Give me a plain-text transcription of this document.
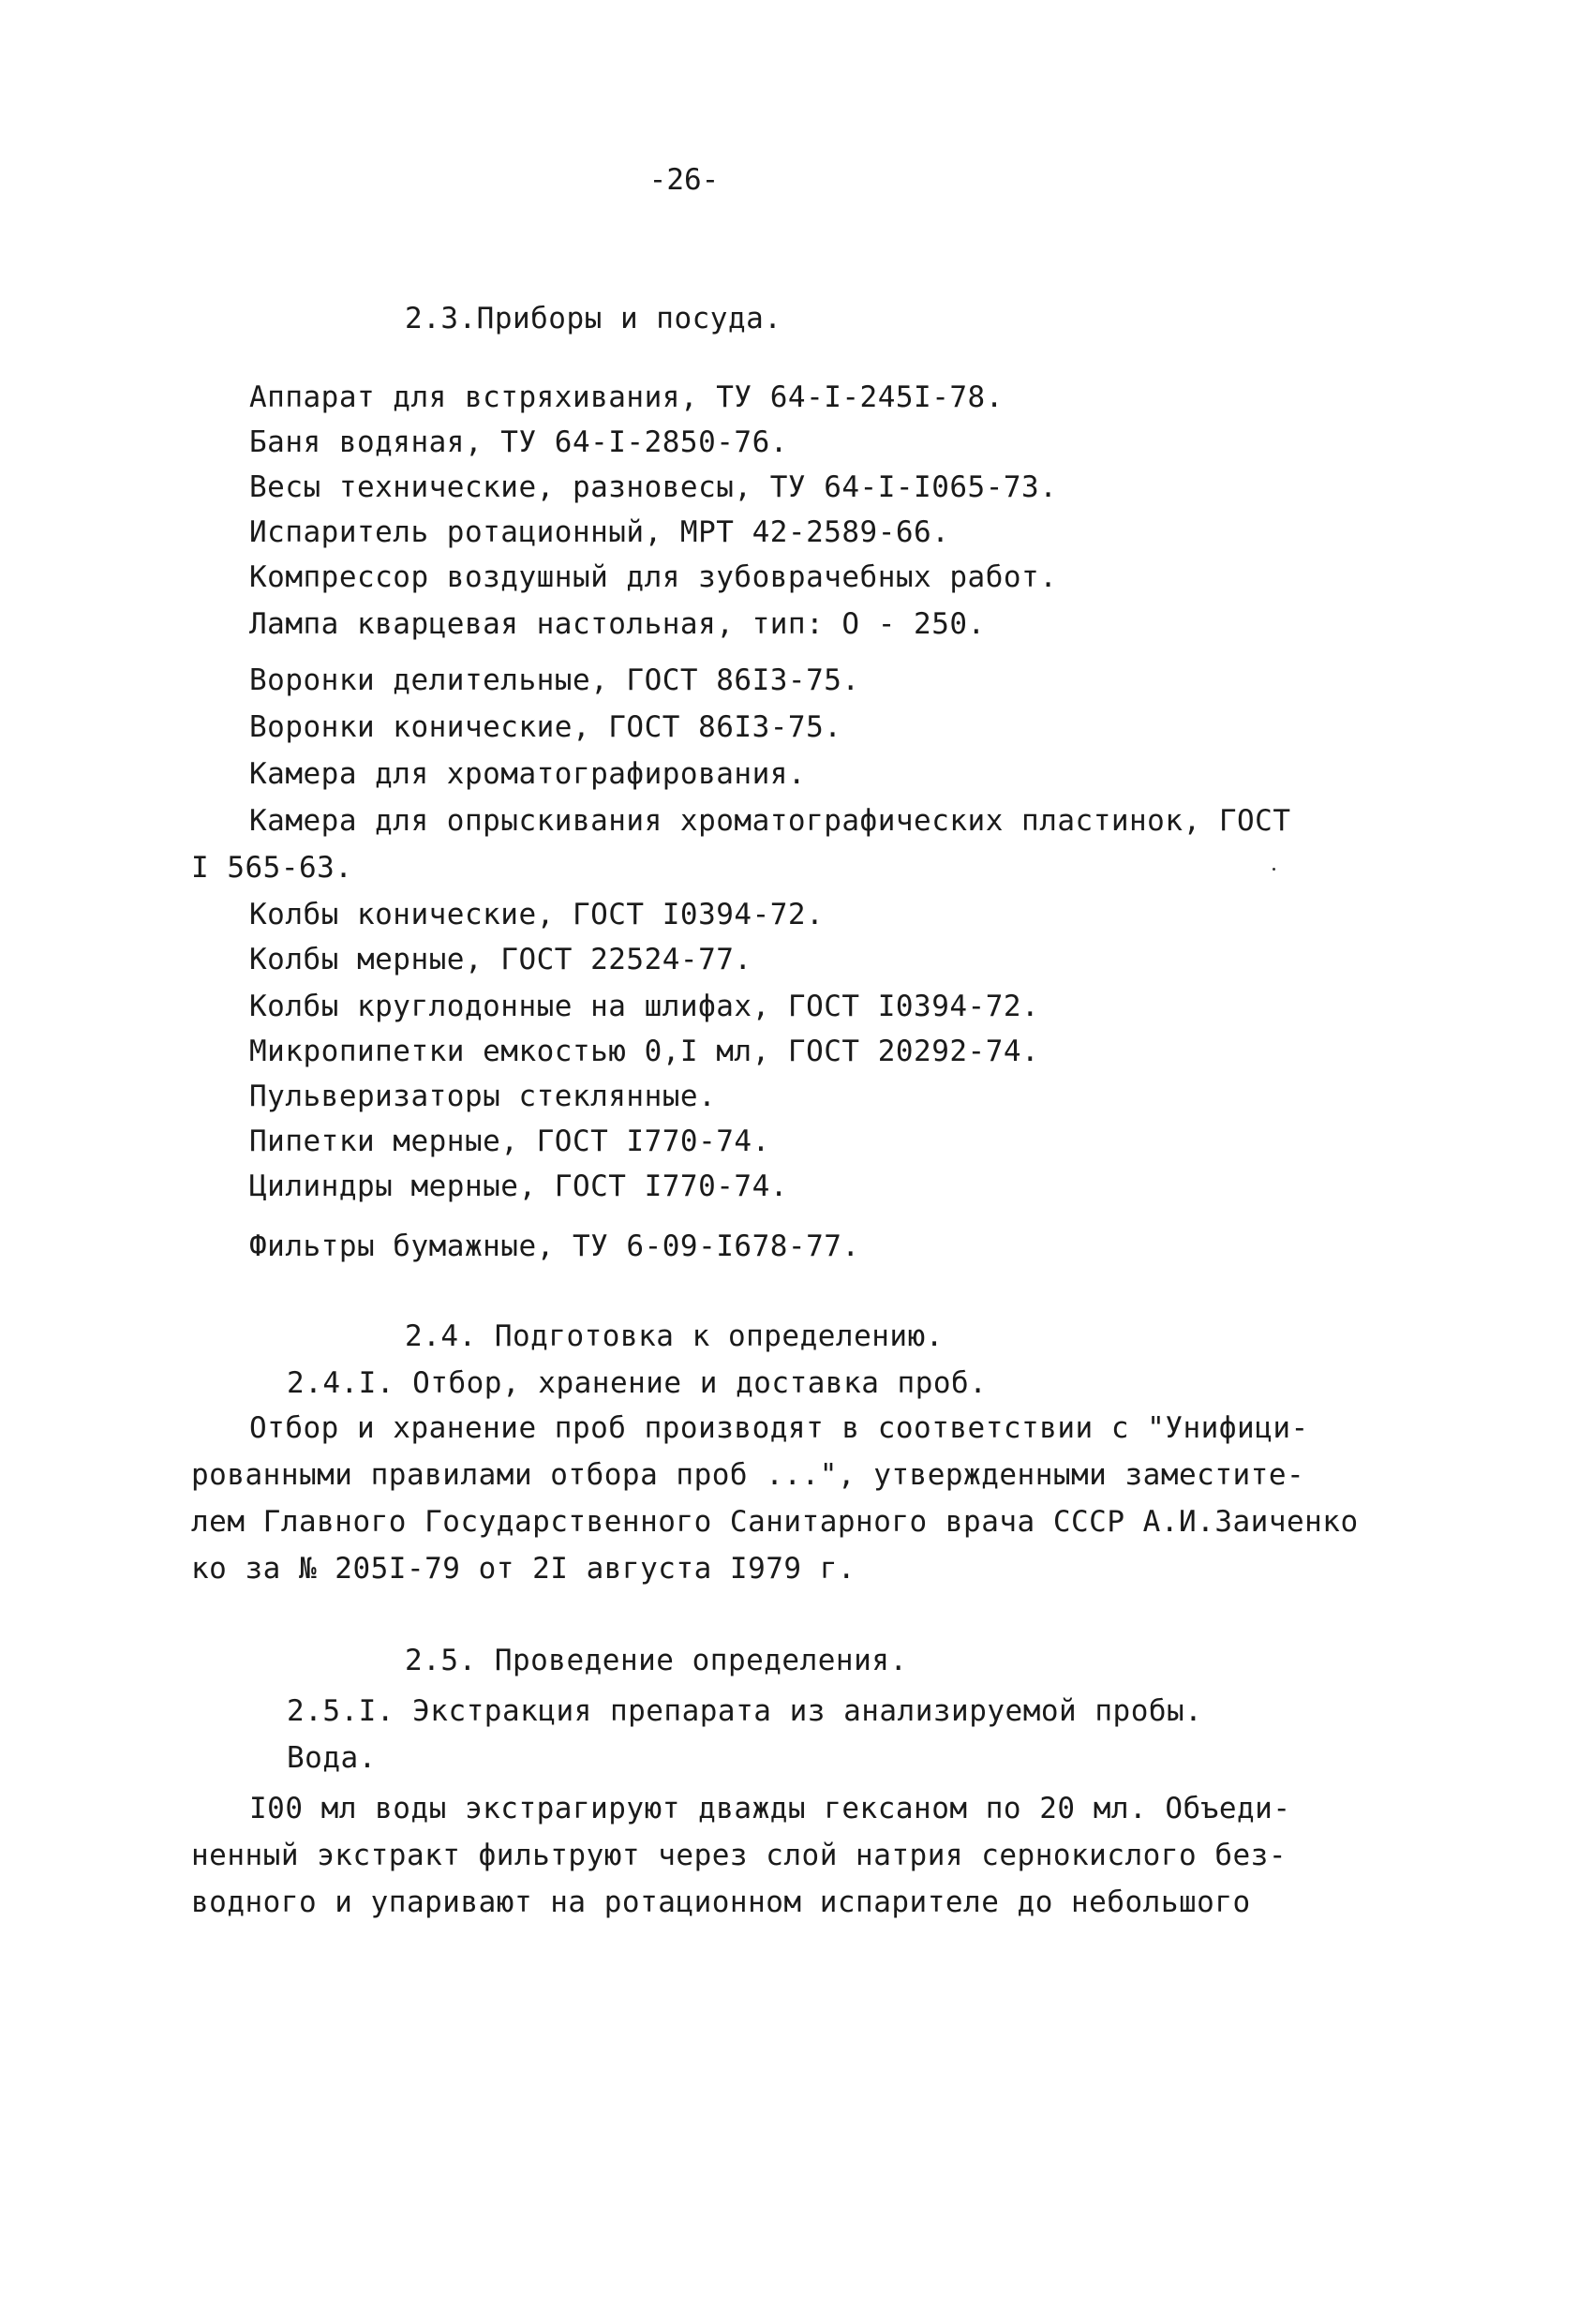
-26-
2.3.Приборы и посуда.
Аппарат для встряхивания, ТУ 64-I-245I-78.
Баня водяная, ТУ 64-I-2850-76.
Весы технические, разновесы, ТУ 64-I-I065-73.
Испаритель ротационный, МРТ 42-2589-66.
Компрессор воздушный для зубоврачебных работ.
Лампа кварцевая настольная, тип: О - 250.
Воронки делительные, ГОСТ 86I3-75.
Воронки конические, ГОСТ 86I3-75.
Камера для хроматографирования.
Камера для опрыскивания хроматографических пластинок, ГОСТ
I 565-63.
Колбы конические, ГОСТ I0394-72.
Колбы мерные, ГОСТ 22524-77.
Колбы круглодонные на шлифах, ГОСТ I0394-72.
Микропипетки емкостью 0,I мл, ГОСТ 20292-74.
Пульверизаторы стеклянные.
Пипетки мерные, ГОСТ I770-74.
Цилиндры мерные, ГОСТ I770-74.
Фильтры бумажные, ТУ 6-09-I678-77.
2.4. Подготовка к определению.
2.4.I. Отбор, хранение и доставка проб.
Отбор и хранение проб производят в соответствии с "Унифици-
рованными правилами отбора проб ...", утвержденными заместите-
лем Главного Государственного Санитарного врача СССР А.И.Заиченко
ко за № 205I-79 от 2I августа I979 г.
2.5. Проведение определения.
2.5.I. Экстракция препарата из анализируемой пробы.
Вода.
I00 мл воды экстрагируют дважды гексаном по 20 мл. Объеди-
ненный экстракт фильтруют через слой натрия сернокислого без-
водного и упаривают на ротационном испарителе до небольшого
